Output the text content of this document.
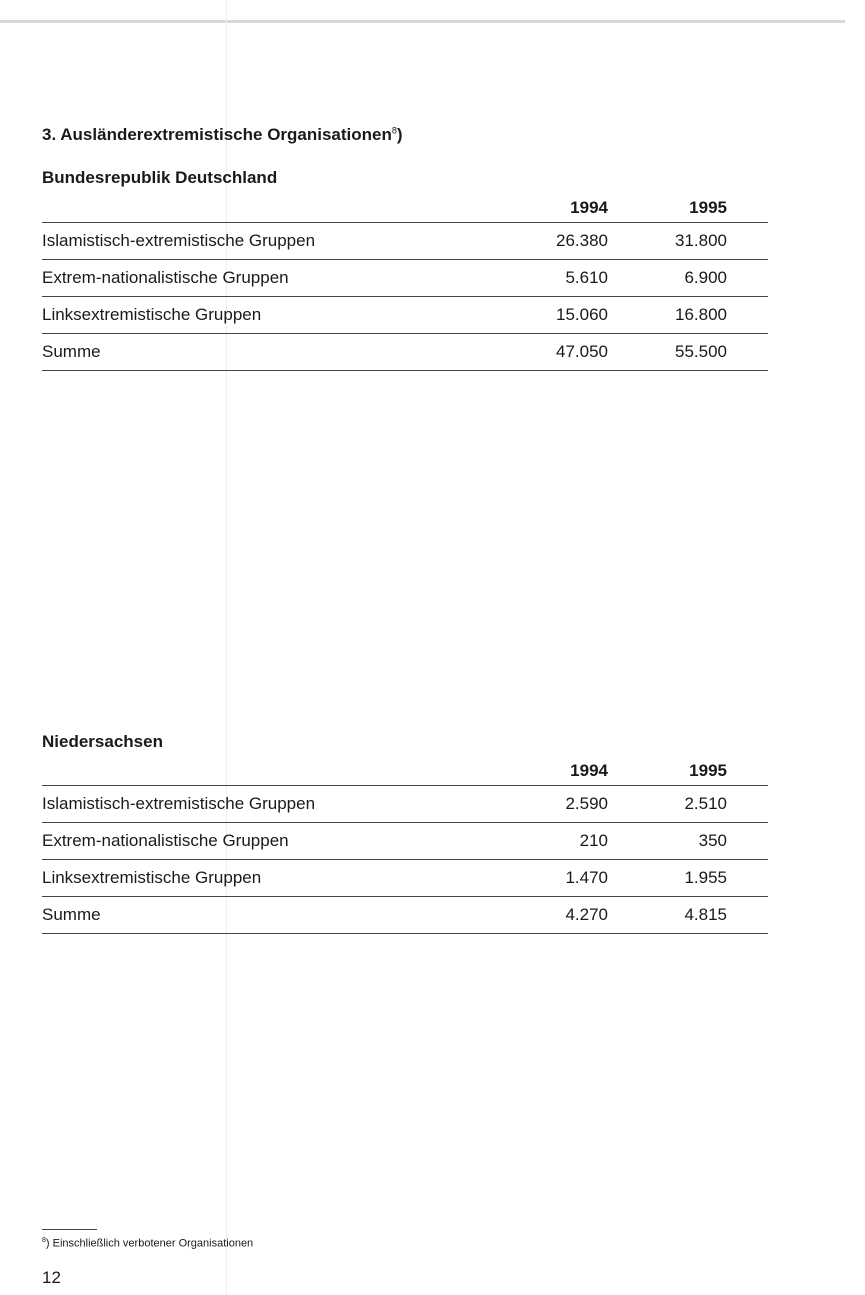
3. Ausländerextremistische Organisationen$^8$)
Bundesrepublik Deutschland
	1994	1995	
Islamistisch-extremistische Gruppen	26.380	31.800	
Extrem-nationalistische Gruppen	5.610	6.900	
Linksextremistische Gruppen	15.060	16.800	
Summe	47.050	55.500	
Niedersachsen
	1994	1995	
Islamistisch-extremistische Gruppen	2.590	2.510	
Extrem-nationalistische Gruppen	210	350	
Linksextremistische Gruppen	1.470	1.955	
Summe	4.270	4.815	
$^8$) Einschließlich verbotener Organisationen
12
